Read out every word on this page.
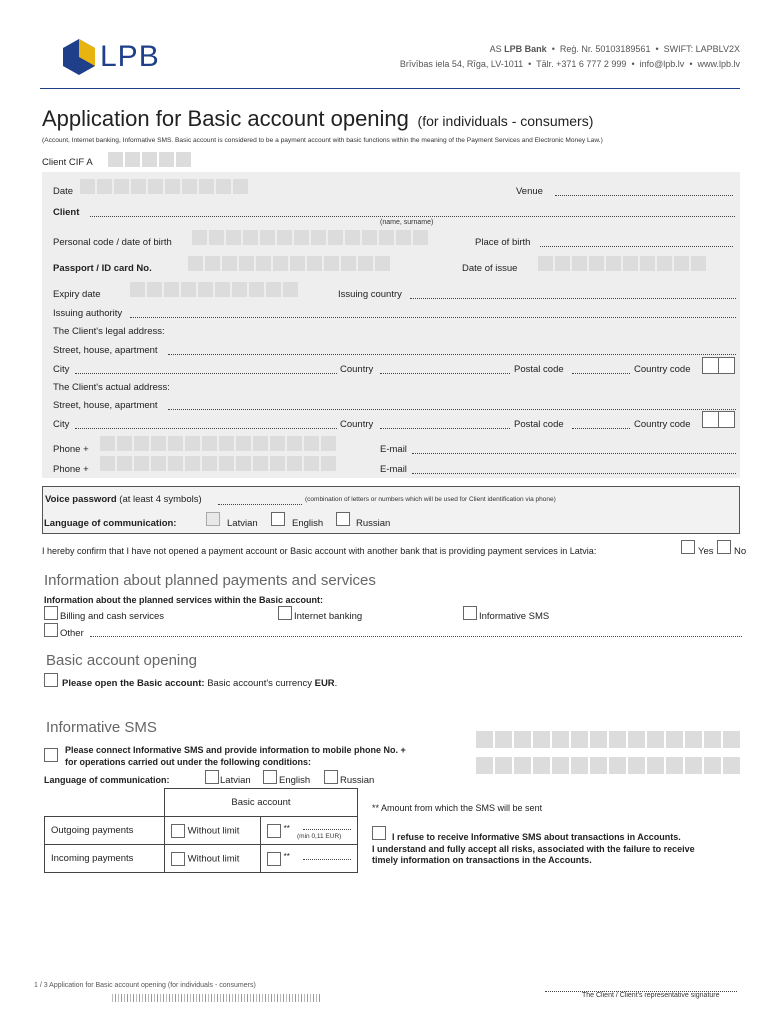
LPB	AS LPB Bank • Reģ. Nr. 50103189561 • SWIFT: LAPBLV2X
Brīvības iela 54, Rīga, LV-1011 • Tālr. +371 6 777 2 999 • info@lpb.lv • www.lpb.lv
Application for Basic account opening (for individuals - consumers)
(Account, Internet banking, Informative SMS. Basic account is considered to be a payment account with basic functions within the meaning of the Payment Services and Electronic Money Law.)
Client CIF A
Date	Venue
Client
(name, surname)
Personal code / date of birth	Place of birth
Passport / ID card No.	Date of issue
Expiry date	Issuing country
Issuing authority
The Client's legal address:
Street, house, apartment
City	Country	Postal code	Country code
The Client's actual address:
Street, house, apartment
City	Country	Postal code	Country code
Phone +	E-mail
Phone +	E-mail
Voice password (at least 4 symbols)	(combination of letters or numbers which will be used for Client identification via phone)
Language of communication:	Latvian	English	Russian
I hereby confirm that I have not opened a payment account or Basic account with another bank that is providing payment services in Latvia:	Yes No
Information about planned payments and services
Information about the planned services within the Basic account:
Billing and cash services	Internet banking	Informative SMS
Other
Basic account opening
Please open the Basic account: Basic account's currency EUR.
Informative SMS
Please connect Informative SMS and provide information to mobile phone No. +
for operations carried out under the following conditions:
Language of communication:	Latvian	English	Russian
	Basic account	
Outgoing payments	Without limit	**
(min 0,11 EUR)

Incoming payments	Without limit	**
** Amount from which the SMS will be sent
I refuse to receive Informative SMS about transactions in Accounts.
I understand and fully accept all risks, associated with the failure to receive
timely information on transactions in the Accounts.
1 / 3 Application for Basic account opening (for individuals - consumers)
The Client / Client's representative signature
